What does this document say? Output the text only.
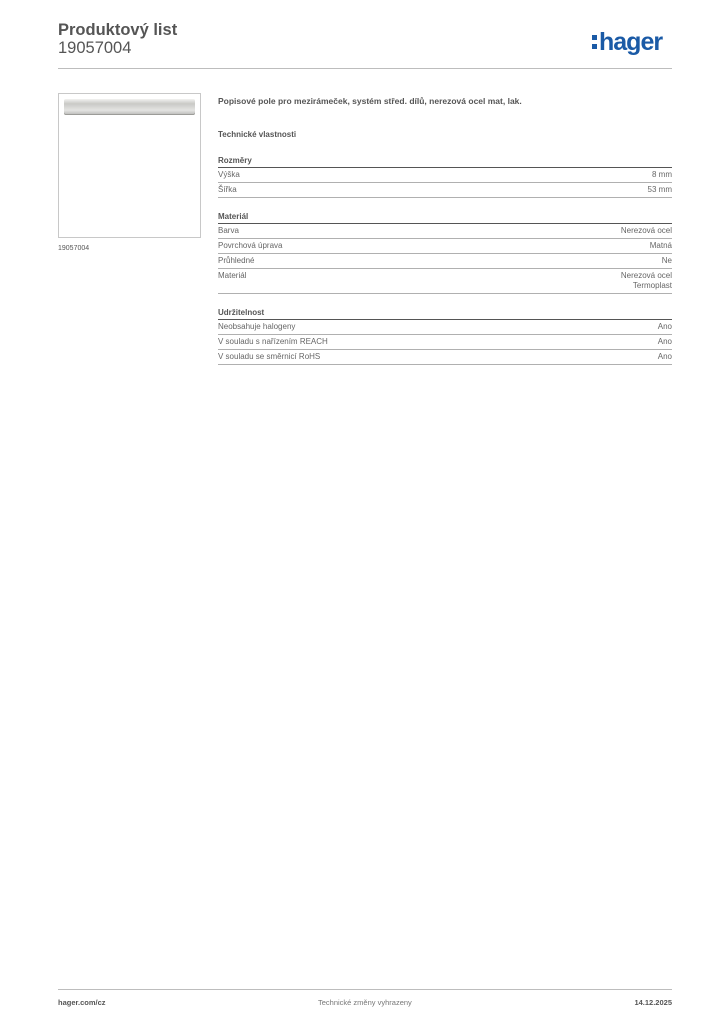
Produktový list
19057004	hager
19057004
Popisové pole pro mezirámeček, systém střed. dílů, nerezová ocel mat, lak.
Technické vlastnosti
Rozměry
Výška	8 mm
Šířka	53 mm
Materiál
Barva	Nerezová ocel
Povrchová úprava	Matná
Průhledné	Ne
Materiál	Nerezová ocel
Termoplast
Udržitelnost
Neobsahuje halogeny	Ano
V souladu s nařízením REACH	Ano
V souladu se směrnicí RoHS	Ano
hager.com/cz	Technické změny vyhrazeny	14.12.2025
